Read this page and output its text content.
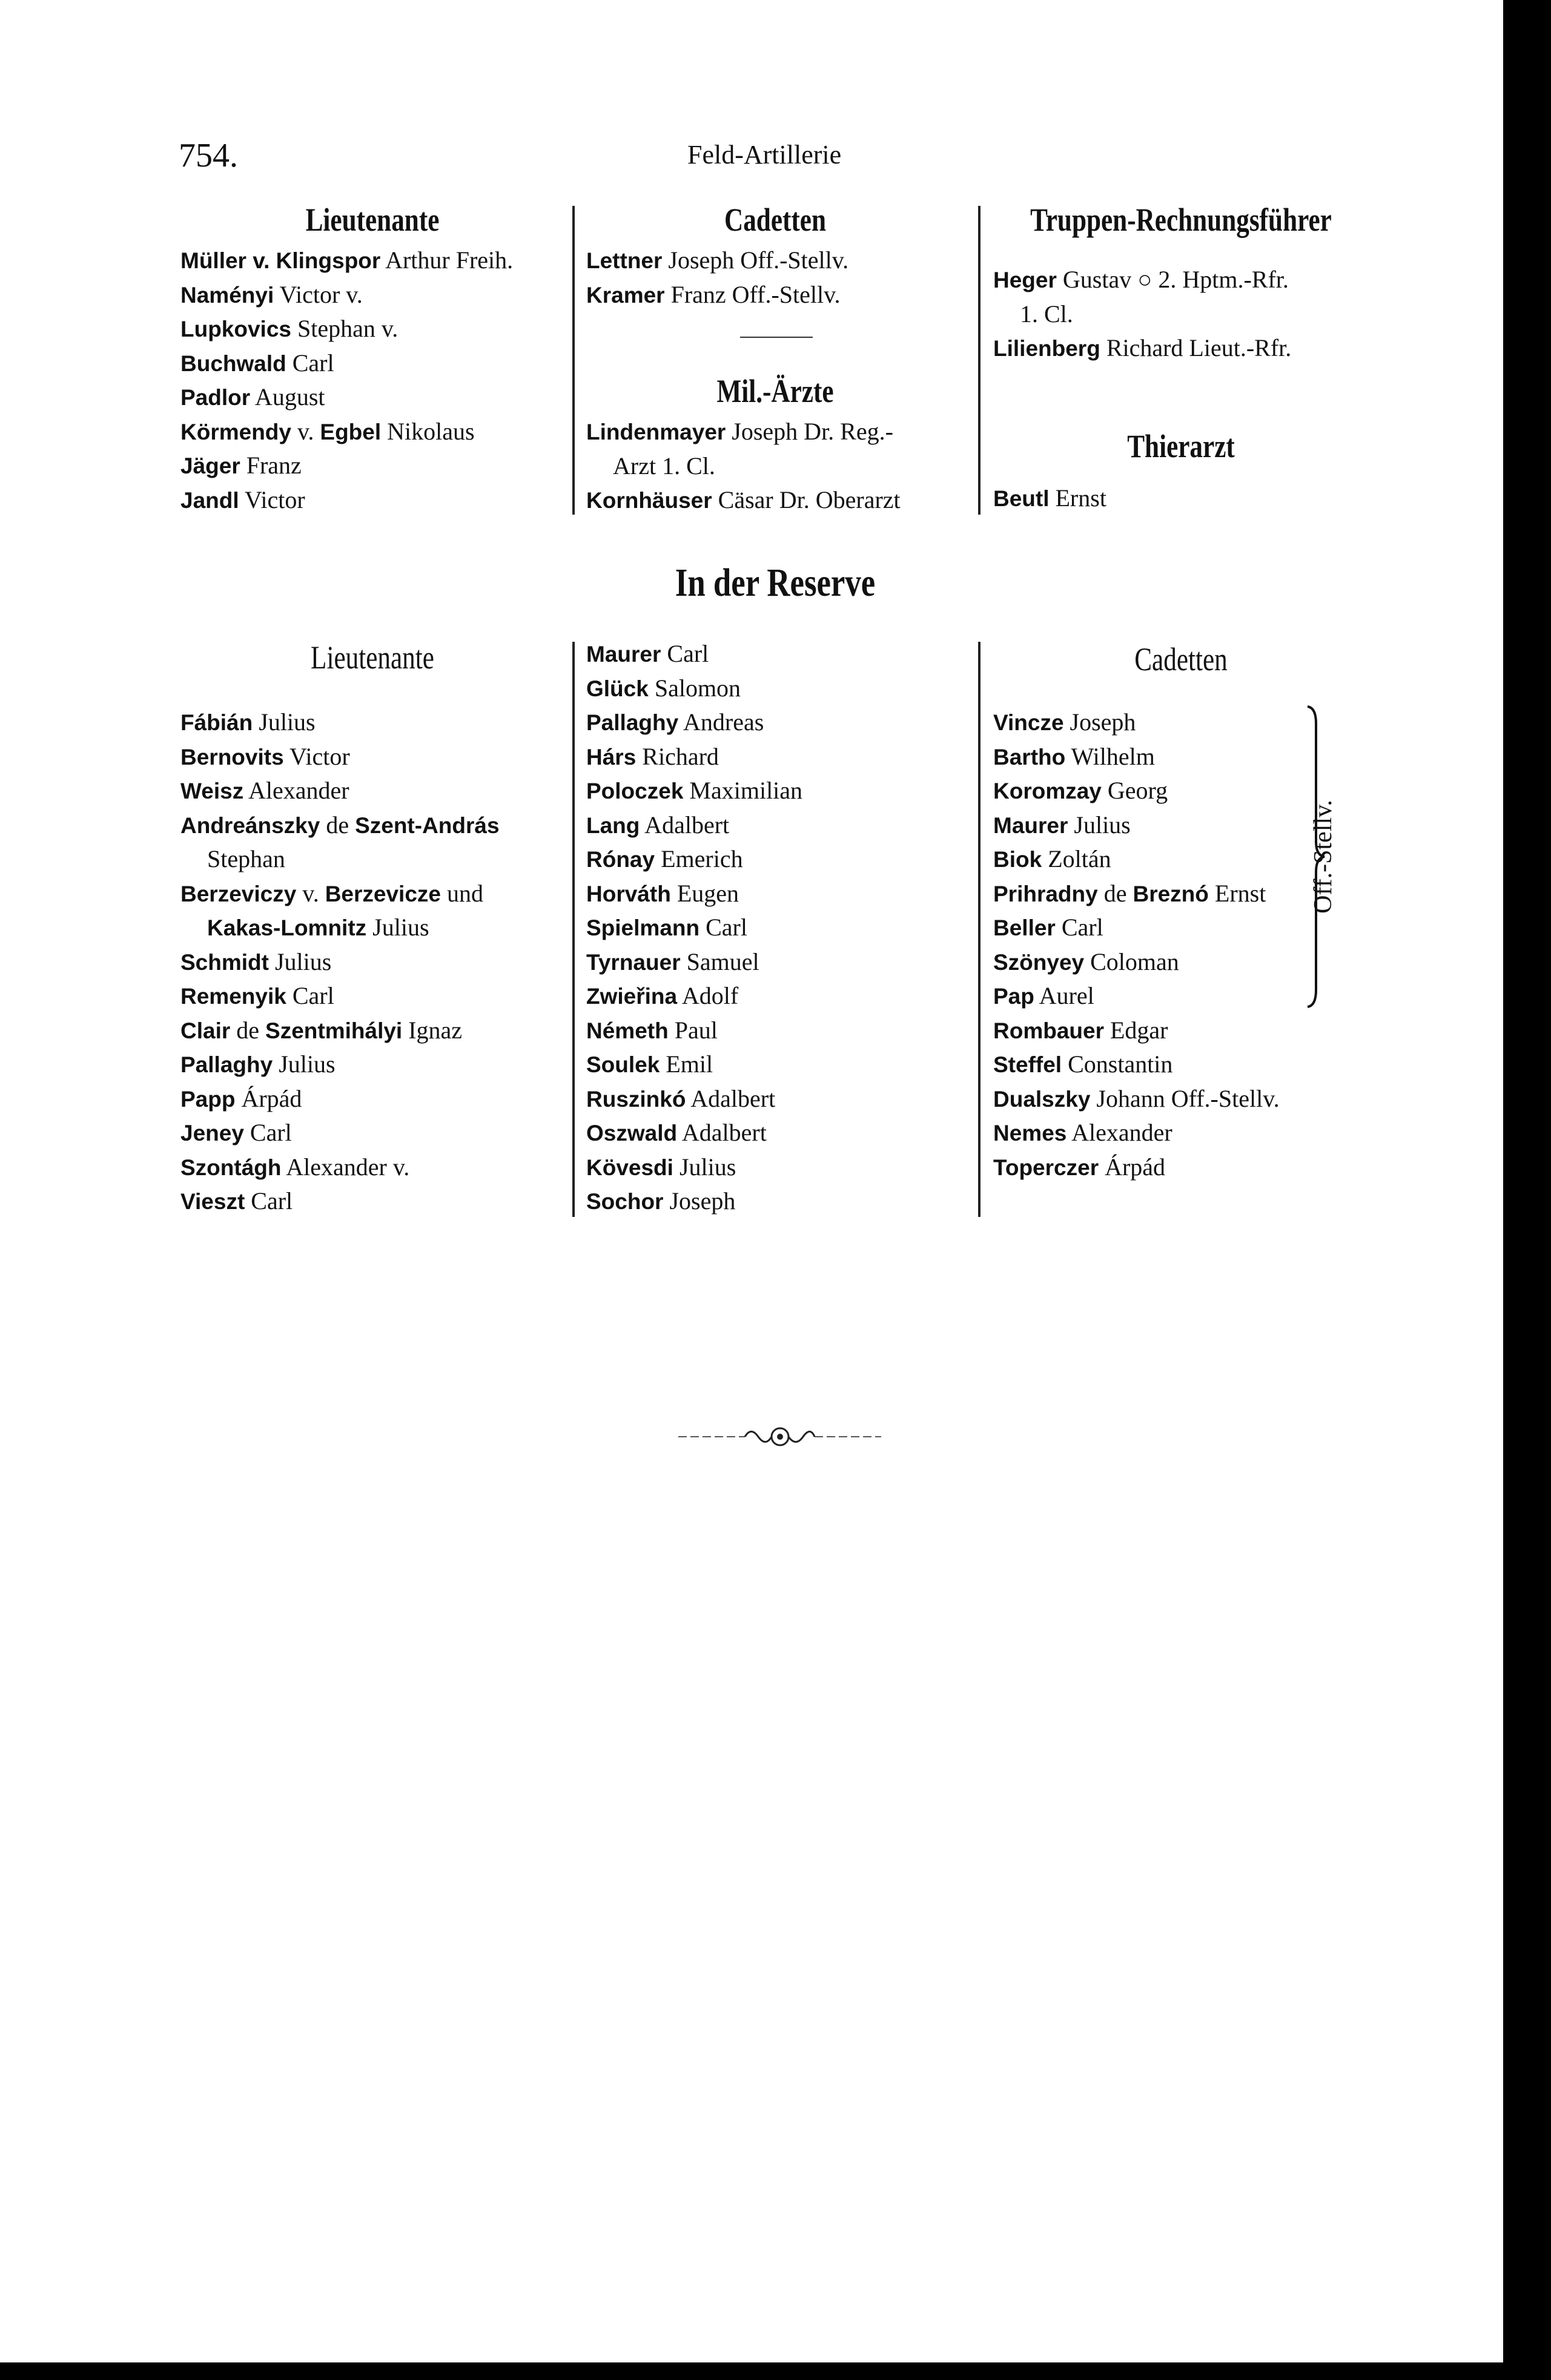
754.	Feld-Artillerie
Lieutenante
Müller v. Klingspor Arthur Freih.
Naményi Victor v.
Lupkovics Stephan v.
Buchwald Carl
Padlor August
Körmendy v. Egbel Nikolaus
Jäger Franz
Jandl Victor
Cadetten
Lettner Joseph Off.-Stellv.
Kramer Franz Off.-Stellv.
Mil.-Ärzte
Lindenmayer Joseph Dr. Reg.-
Arzt 1. Cl.
Kornhäuser Cäsar Dr. Oberarzt
Truppen-Rechnungsführer
Heger Gustav ○ 2. Hptm.-Rfr.
1. Cl.
Lilienberg Richard Lieut.-Rfr.
Thierarzt
Beutl Ernst
In der Reserve
Lieutenante
Fábián Julius
Bernovits Victor
Weisz Alexander
Andreánszky de Szent-András
Stephan
Berzeviczy v. Berzevicze und
Kakas-Lomnitz Julius
Schmidt Julius
Remenyik Carl
Clair de Szentmihályi Ignaz
Pallaghy Julius
Papp Árpád
Jeney Carl
Szontágh Alexander v.
Vieszt Carl
Maurer Carl
Glück Salomon
Pallaghy Andreas
Hárs Richard
Poloczek Maximilian
Lang Adalbert
Rónay Emerich
Horváth Eugen
Spielmann Carl
Tyrnauer Samuel
Zwieřina Adolf
Németh Paul
Soulek Emil
Ruszinkó Adalbert
Oszwald Adalbert
Kövesdi Julius
Sochor Joseph
Cadetten
Vincze Joseph
Bartho Wilhelm
Koromzay Georg
Maurer Julius
Biok Zoltán
Prihradny de Breznó Ernst
Beller Carl
Szönyey Coloman
Pap Aurel
Rombauer Edgar
Steffel Constantin
Dualszky Johann Off.-Stellv.
Nemes Alexander
Toperczer Árpád
Off.-Stellv.
